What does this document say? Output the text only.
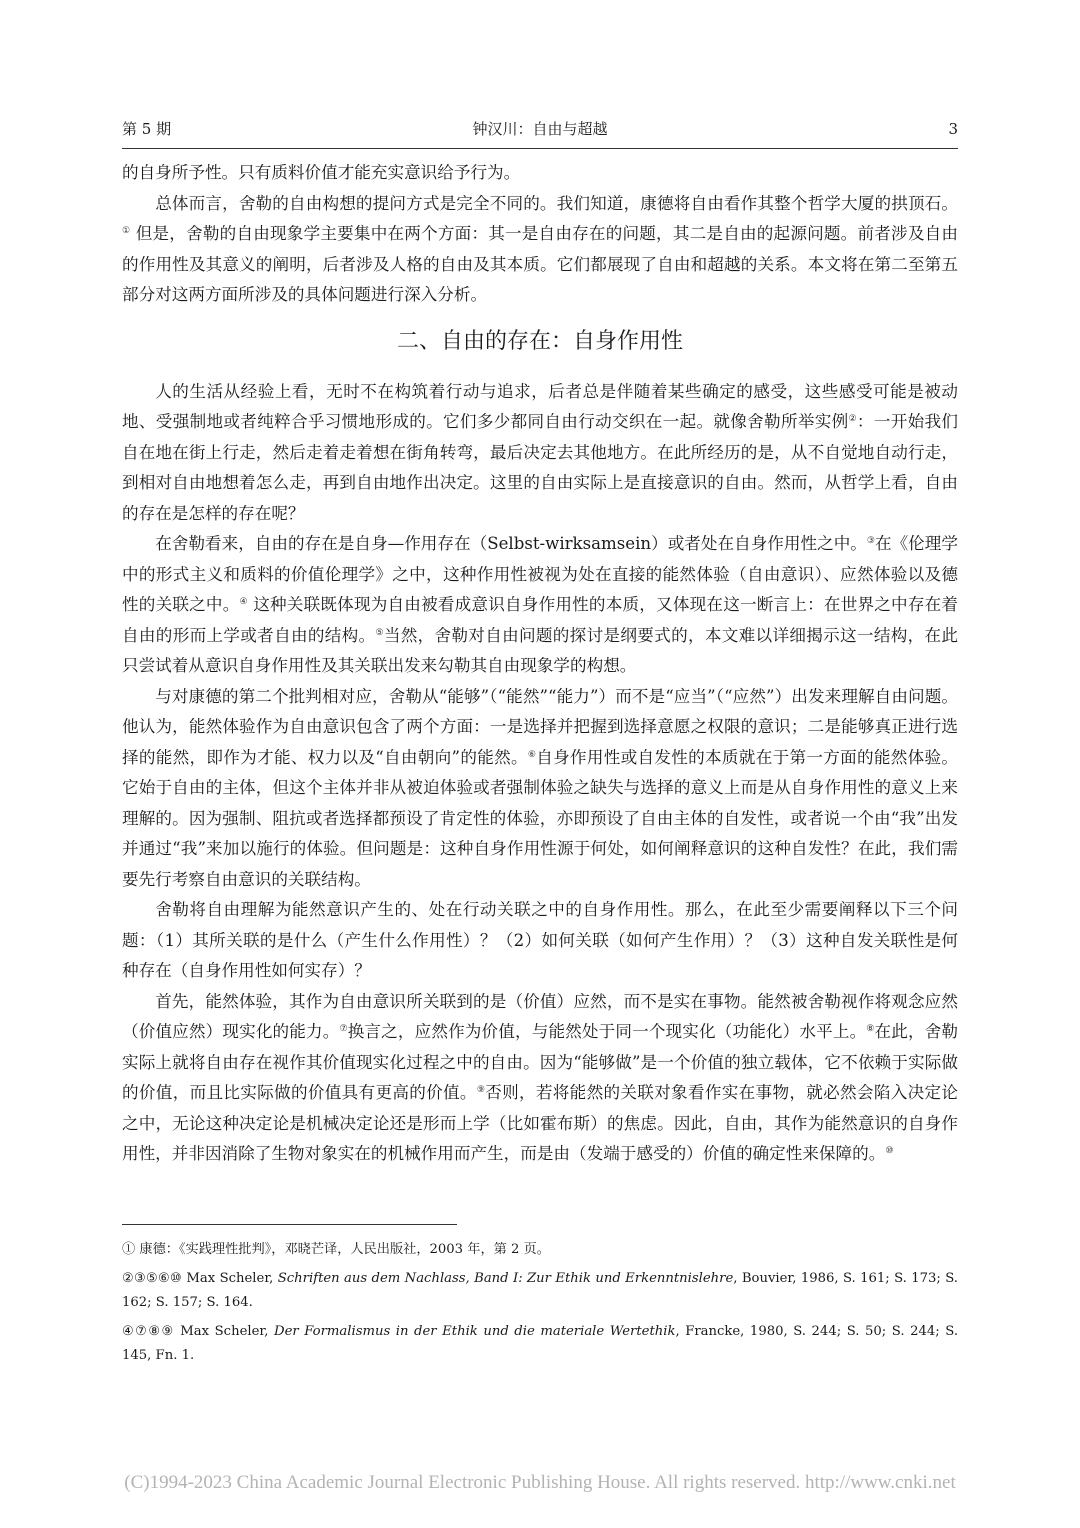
第 5 期	钟汉川：自由与超越	3

的自身所予性。只有质料价值才能充实意识给予行为。

总体而言，舍勒的自由构想的提问方式是完全不同的。我们知道，康德将自由看作其整个哲学大厦的拱顶石。① 但是，舍勒的自由现象学主要集中在两个方面：其一是自由存在的问题，其二是自由的起源问题。前者涉及自由的作用性及其意义的阐明，后者涉及人格的自由及其本质。它们都展现了自由和超越的关系。本文将在第二至第五部分对这两方面所涉及的具体问题进行深入分析。

二、自由的存在：自身作用性

人的生活从经验上看，无时不在构筑着行动与追求，后者总是伴随着某些确定的感受，这些感受可能是被动地、受强制地或者纯粹合乎习惯地形成的。它们多少都同自由行动交织在一起。就像舍勒所举实例②：一开始我们自在地在街上行走，然后走着走着想在街角转弯，最后决定去其他地方。在此所经历的是，从不自觉地自动行走，到相对自由地想着怎么走，再到自由地作出决定。这里的自由实际上是直接意识的自由。然而，从哲学上看，自由的存在是怎样的存在呢？

在舍勒看来，自由的存在是自身—作用存在（Selbst-wirksamsein）或者处在自身作用性之中。③在《伦理学中的形式主义和质料的价值伦理学》之中，这种作用性被视为处在直接的能然体验（自由意识）、应然体验以及德性的关联之中。④ 这种关联既体现为自由被看成意识自身作用性的本质，又体现在这一断言上：在世界之中存在着自由的形而上学或者自由的结构。⑤当然，舍勒对自由问题的探讨是纲要式的，本文难以详细揭示这一结构，在此只尝试着从意识自身作用性及其关联出发来勾勒其自由现象学的构想。

与对康德的第二个批判相对应，舍勒从“能够”（“能然”“能力”）而不是“应当”（“应然”）出发来理解自由问题。他认为，能然体验作为自由意识包含了两个方面：一是选择并把握到选择意愿之权限的意识；二是能够真正进行选择的能然，即作为才能、权力以及“自由朝向”的能然。⑥自身作用性或自发性的本质就在于第一方面的能然体验。它始于自由的主体，但这个主体并非从被迫体验或者强制体验之缺失与选择的意义上而是从自身作用性的意义上来理解的。因为强制、阻抗或者选择都预设了肯定性的体验，亦即预设了自由主体的自发性，或者说一个由“我”出发并通过“我”来加以施行的体验。但问题是：这种自身作用性源于何处，如何阐释意识的这种自发性？在此，我们需要先行考察自由意识的关联结构。

舍勒将自由理解为能然意识产生的、处在行动关联之中的自身作用性。那么，在此至少需要阐释以下三个问题：（1）其所关联的是什么（产生什么作用性）？（2）如何关联（如何产生作用）？（3）这种自发关联性是何种存在（自身作用性如何实存）？

首先，能然体验，其作为自由意识所关联到的是（价值）应然，而不是实在事物。能然被舍勒视作将观念应然（价值应然）现实化的能力。⑦换言之，应然作为价值，与能然处于同一个现实化（功能化）水平上。⑧在此，舍勒实际上就将自由存在视作其价值现实化过程之中的自由。因为“能够做”是一个价值的独立载体，它不依赖于实际做的价值，而且比实际做的价值具有更高的价值。⑨否则，若将能然的关联对象看作实在事物，就必然会陷入决定论之中，无论这种决定论是机械决定论还是形而上学（比如霍布斯）的焦虑。因此，自由，其作为能然意识的自身作用性，并非因消除了生物对象实在的机械作用而产生，而是由（发端于感受的）价值的确定性来保障的。⑩

① 康德：《实践理性批判》，邓晓芒译，人民出版社，2003 年，第 2 页。
②③⑤⑥⑩ Max Scheler, Schriften aus dem Nachlass, Band I: Zur Ethik und Erkenntnislehre, Bouvier, 1986, S. 161; S. 173; S. 162; S. 157; S. 164.
④⑦⑧⑨ Max Scheler, Der Formalismus in der Ethik und die materiale Wertethik, Francke, 1980, S. 244; S. 50; S. 244; S. 145, Fn. 1.
(C)1994-2023 China Academic Journal Electronic Publishing House. All rights reserved. http://www.cnki.net
